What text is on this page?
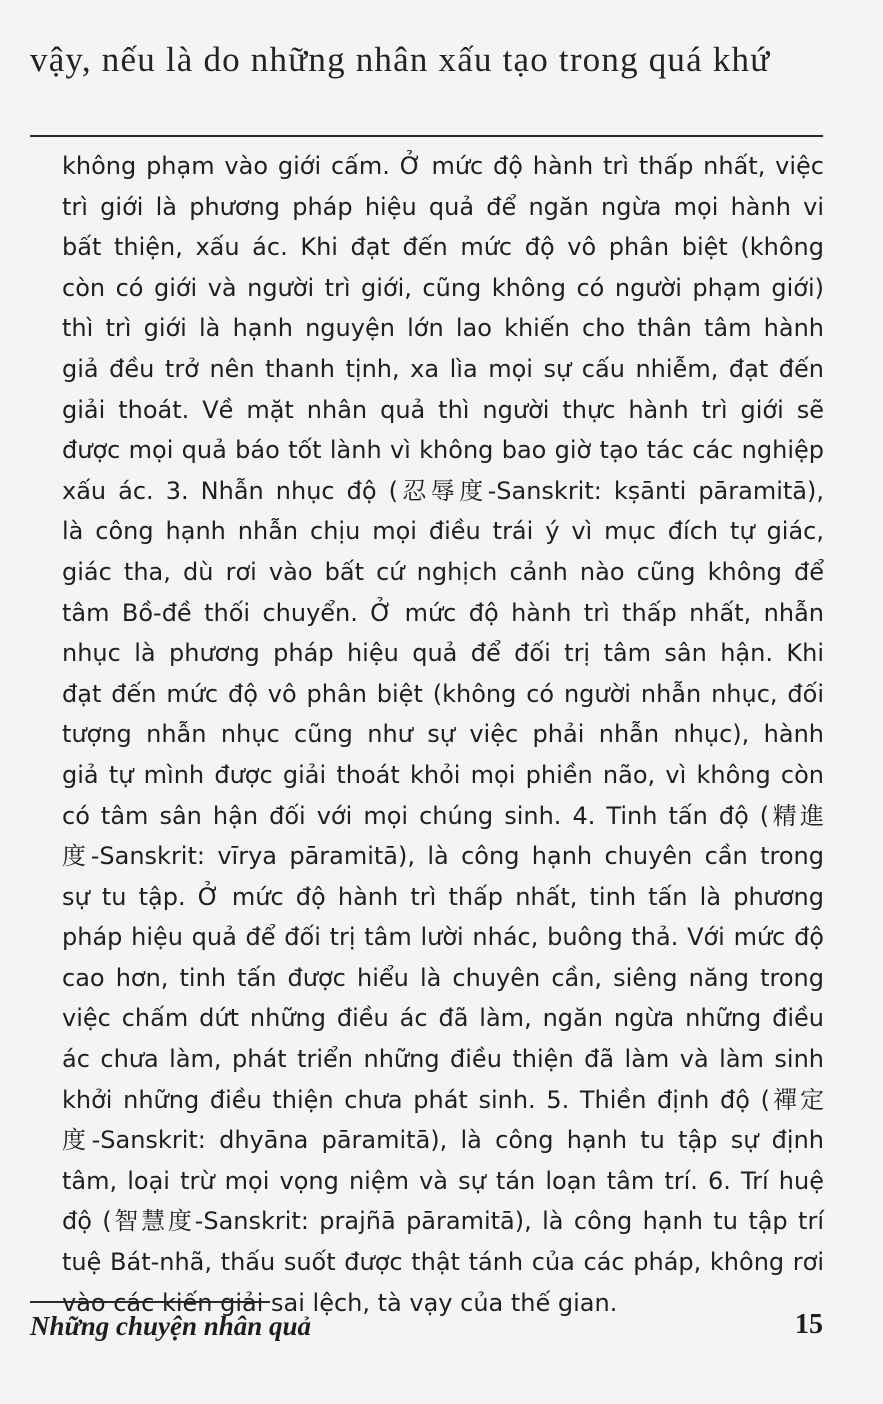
vậy, nếu là do những nhân xấu tạo trong quá khứ
không phạm vào giới cấm. Ở mức độ hành trì thấp nhất, việc
trì giới là phương pháp hiệu quả để ngăn ngừa mọi hành vi
bất thiện, xấu ác. Khi đạt đến mức độ vô phân biệt (không
còn có giới và người trì giới, cũng không có người phạm giới)
thì trì giới là hạnh nguyện lớn lao khiến cho thân tâm hành
giả đều trở nên thanh tịnh, xa lìa mọi sự cấu nhiễm, đạt đến
giải thoát. Về mặt nhân quả thì người thực hành trì giới sẽ
được mọi quả báo tốt lành vì không bao giờ tạo tác các nghiệp
xấu ác. 3. Nhẫn nhục độ (忍辱度-Sanskrit: kṣānti pāramitā),
là công hạnh nhẫn chịu mọi điều trái ý vì mục đích tự giác,
giác tha, dù rơi vào bất cứ nghịch cảnh nào cũng không để
tâm Bồ-đề thối chuyển. Ở mức độ hành trì thấp nhất, nhẫn
nhục là phương pháp hiệu quả để đối trị tâm sân hận. Khi
đạt đến mức độ vô phân biệt (không có người nhẫn nhục, đối
tượng nhẫn nhục cũng như sự việc phải nhẫn nhục), hành
giả tự mình được giải thoát khỏi mọi phiền não, vì không còn
có tâm sân hận đối với mọi chúng sinh. 4. Tinh tấn độ (精進
度-Sanskrit: vīrya pāramitā), là công hạnh chuyên cần trong
sự tu tập. Ở mức độ hành trì thấp nhất, tinh tấn là phương
pháp hiệu quả để đối trị tâm lười nhác, buông thả. Với mức độ
cao hơn, tinh tấn được hiểu là chuyên cần, siêng năng trong
việc chấm dứt những điều ác đã làm, ngăn ngừa những điều
ác chưa làm, phát triển những điều thiện đã làm và làm sinh
khởi những điều thiện chưa phát sinh. 5. Thiền định độ (禪定
度-Sanskrit: dhyāna pāramitā), là công hạnh tu tập sự định
tâm, loại trừ mọi vọng niệm và sự tán loạn tâm trí. 6. Trí huệ
độ (智慧度-Sanskrit: prajñā pāramitā), là công hạnh tu tập trí
tuệ Bát-nhã, thấu suốt được thật tánh của các pháp, không rơi
vào các kiến giải sai lệch, tà vạy của thế gian.
Những chuyện nhân quả	15
